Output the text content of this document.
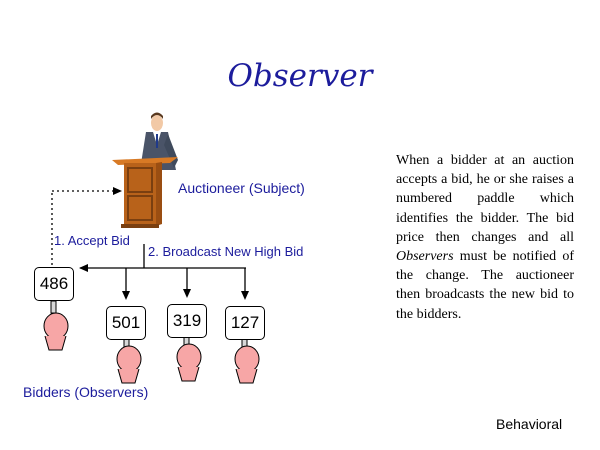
Observer
Auctioneer (Subject)
1. Accept Bid
2. Broadcast New High Bid
486
501	319	127
Bidders (Observers)
When a bidder at an auction accepts a bid, he or she raises a numbered paddle which identifies the bidder. The bid price then changes and all Observers must be notified of the change. The auctioneer then broadcasts the new bid to the bidders.
Behavioral
